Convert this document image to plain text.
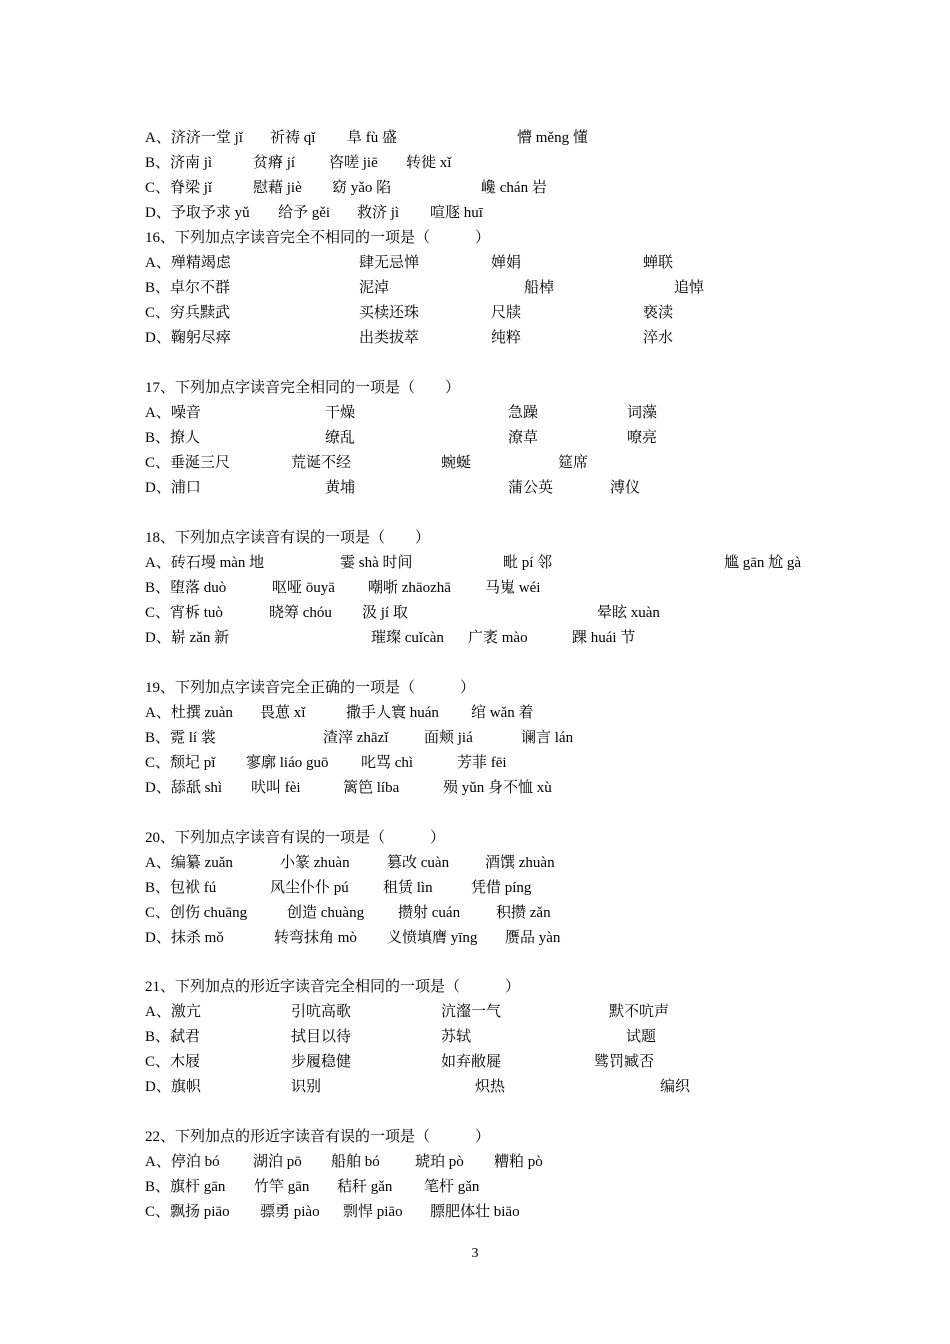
A、济济一堂 jǐ 祈祷 qǐ 阜 fù 盛	懵 měng 懂
B、济南 jì	贫瘠 jí 咨嗟 jiē 转徙 xǐ
C、脊梁 jǐ	慰藉 jiè 窈 yǎo 陷	巉 chán 岩
D、予取予求 yǔ 给予 gěi 救济 jì 喧豗 huī
16、下列加点字读音完全不相同的一项是（　　　）
A、殚精竭虑	肆无忌惮	婵娟	蝉联
B、卓尔不群	泥淖	船棹	追悼
C、穷兵黩武	买椟还珠	尺牍	亵渎
D、鞠躬尽瘁	出类拔萃	纯粹	淬水
17、下列加点字读音完全相同的一项是（　　）
A、噪音	干燥	急躁	词藻
B、撩人	缭乱	潦草	嘹亮
C、垂涎三尺	荒诞不经	蜿蜒	筵席
D、浦口	黄埔	蒲公英	溥仪
18、下列加点字读音有误的一项是（　　）
A、砖石墁 màn 地	霎 shà 时间	毗 pí 邻	尴 gān 尬 gà
B、堕落 duò	呕哑 ōuyā 嘲哳 zhāozhā 马嵬 wéi
C、宵柝 tuò	晓筹 chóu 汲 jí 取	晕眩 xuàn
D、崭 zǎn 新	璀璨 cuǐcàn 广袤 mào	踝 huái 节
19、下列加点字读音完全正确的一项是（　　　）
A、杜撰 zuàn 畏葸 xǐ	撒手人寰 huán 绾 wǎn 着
B、霓 lí 裳	渣滓 zhāzǐ 面颊 jiá	谰言 lán
C、颓圮 pǐ 寥廓 liáo guō 叱骂 chì	芳菲 fēi
D、舔舐 shì 吠叫 fèi	篱笆 líba	殒 yǔn 身不恤 xù
20、下列加点字读音有误的一项是（　　　）
A、编纂 zuǎn	小篆 zhuàn 篡改 cuàn 酒馔 zhuàn
B、包袱 fú	风尘仆仆 pú 租赁 lìn	凭借 píng
C、创伤 chuāng	创造 chuàng 攒射 cuán 积攒 zǎn
D、抹杀 mǒ	转弯抹角 mò 义愤填膺 yīng 赝品 yàn
21、下列加点的形近字读音完全相同的一项是（　　　）
A、激亢	引吭高歌	沆瀣一气	默不吭声
B、弑君	拭目以待	苏轼	试题
C、木屐	步履稳健	如弃敝屣	骘罚臧否
D、旗帜	识别	炽热	编织
22、下列加点的形近字读音有误的一项是（　　　）
A、停泊 bó 湖泊 pō 船舶 bó 琥珀 pò 糟粕 pò
B、旗杆 gān 竹竿 gān 秸秆 gǎn 笔杆 gǎn
C、飘扬 piāo 骠勇 piào 剽悍 piāo 膘肥体壮 biāo
3
